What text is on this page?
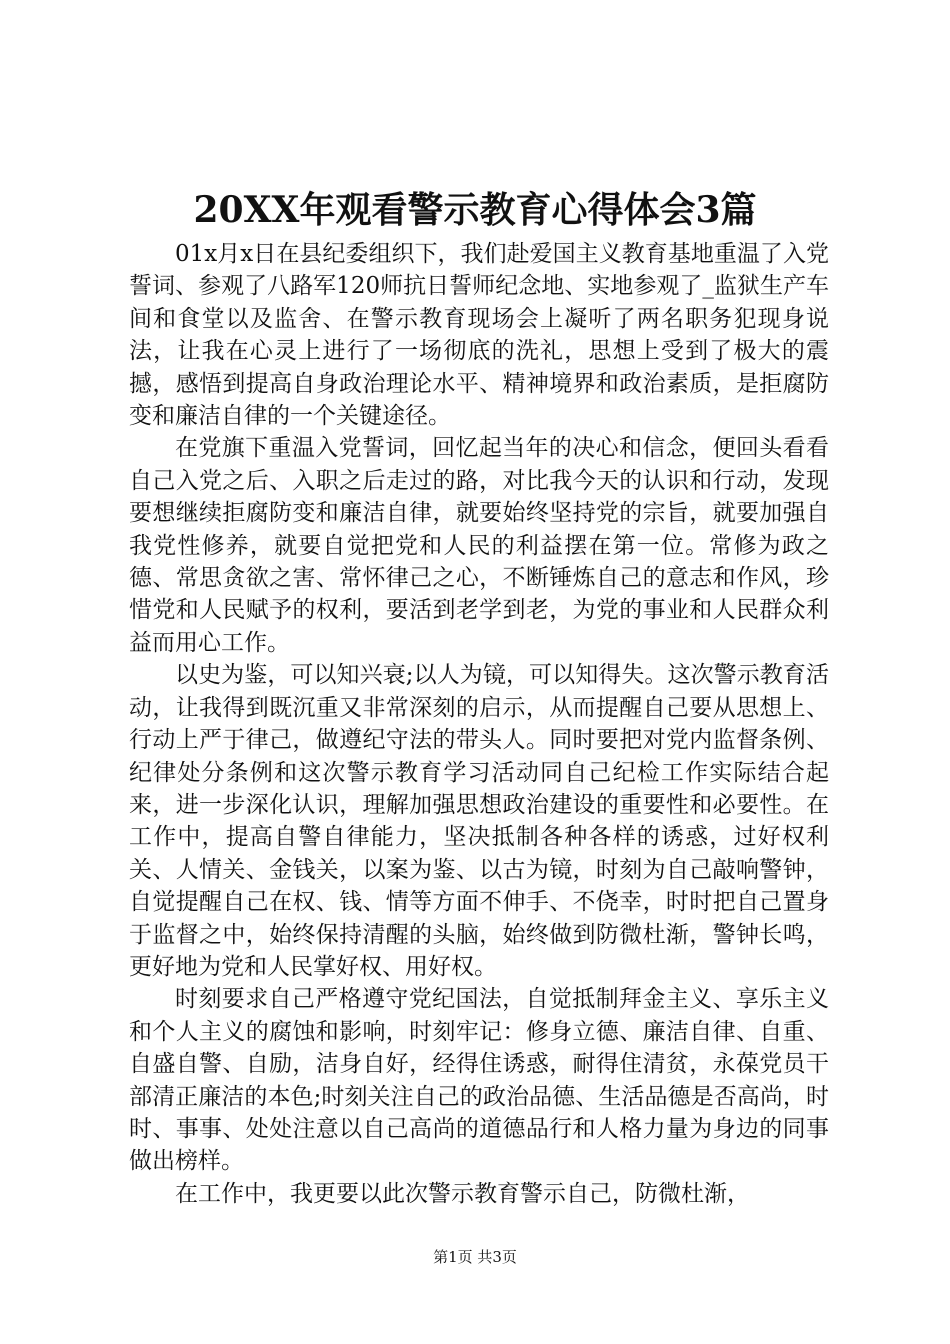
20XX年观看警示教育心得体会3篇

01x月x日在县纪委组织下，我们赴爱国主义教育基地重温了入党誓词、参观了八路军120师抗日誓师纪念地、实地参观了_监狱生产车间和食堂以及监舍、在警示教育现场会上凝听了两名职务犯现身说法，让我在心灵上进行了一场彻底的洗礼，思想上受到了极大的震撼，感悟到提高自身政治理论水平、精神境界和政治素质，是拒腐防变和廉洁自律的一个关键途径。

在党旗下重温入党誓词，回忆起当年的决心和信念，便回头看看自己入党之后、入职之后走过的路，对比我今天的认识和行动，发现要想继续拒腐防变和廉洁自律，就要始终坚持党的宗旨，就要加强自我党性修养，就要自觉把党和人民的利益摆在第一位。常修为政之德、常思贪欲之害、常怀律己之心，不断锤炼自己的意志和作风，珍惜党和人民赋予的权利，要活到老学到老，为党的事业和人民群众利益而用心工作。

以史为鉴，可以知兴衰;以人为镜，可以知得失。这次警示教育活动，让我得到既沉重又非常深刻的启示，从而提醒自己要从思想上、行动上严于律己，做遵纪守法的带头人。同时要把对党内监督条例、纪律处分条例和这次警示教育学习活动同自己纪检工作实际结合起来，进一步深化认识，理解加强思想政治建设的重要性和必要性。在工作中，提高自警自律能力，坚决抵制各种各样的诱惑，过好权利关、人情关、金钱关，以案为鉴、以古为镜，时刻为自己敲响警钟，自觉提醒自己在权、钱、情等方面不伸手、不侥幸，时时把自己置身于监督之中，始终保持清醒的头脑，始终做到防微杜渐，警钟长鸣，更好地为党和人民掌好权、用好权。

时刻要求自己严格遵守党纪国法，自觉抵制拜金主义、享乐主义和个人主义的腐蚀和影响，时刻牢记：修身立德、廉洁自律、自重、自盛自警、自励，洁身自好，经得住诱惑，耐得住清贫，永葆党员干部清正廉洁的本色;时刻关注自己的政治品德、生活品德是否高尚，时时、事事、处处注意以自己高尚的道德品行和人格力量为身边的同事做出榜样。

在工作中，我更要以此次警示教育警示自己，防微杜渐，

第1页 共3页
